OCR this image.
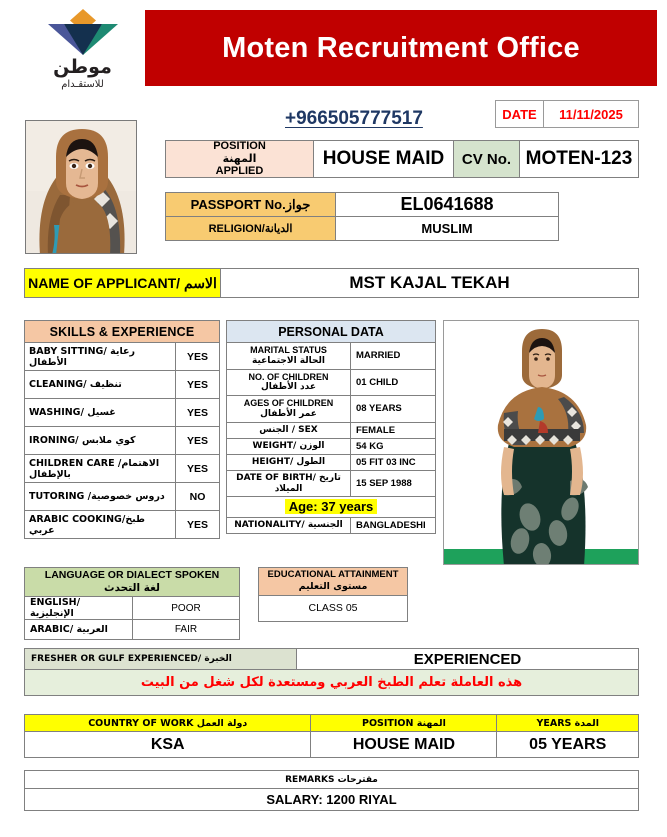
موطن
للاستقـدام
Moten Recruitment Office
+966505777517	DATE	11/11/2025
POSITION
المهنة
APPLIED
HOUSE MAID	CV No. MOTEN-123
PASSPORT No.جواز	EL0641688
RELIGION/الديانة	MUSLIM
NAME OF APPLICANT/ الاسم	MST KAJAL TEKAH
SKILLS & EXPERIENCE	
BABY SITTING/ رعاية الأطفال	YES
CLEANING/ تنظيف	YES
WASHING/ غسيل	YES
IRONING/ كوي ملابس	YES
CHILDREN CARE /الاهتمام بالإطفال	YES
TUTORING /دروس خصوصية	NO
ARABIC COOKING/طبخ عربي	YES
PERSONAL DATA	

MARITAL STATUS
الحالة الاجتماعية	MARRIED

NO. OF CHILDREN
عدد الأطفال	01 CHILD

AGES OF CHILDREN
عمر الأطفال	08 YEARS
الجنس / SEX	FEMALE
WEIGHT/ الوزن	54 KG
HEIGHT/ الطول	05 FIT 03 INC
DATE OF BIRTH/ تاريخ الميلاد	15 SEP 1988
Age: 37 years	
NATIONALITY/ الجنسية	BANGLADESHI
LANGUAGE OR DIALECT SPOKEN
لغة التحدث	

ENGLISH/ الإنجليزية	POOR
ARABIC/ العربية	FAIR
EDUCATIONAL ATTAINMENT
مستوى التعليم

CLASS 05
FRESHER OR GULF EXPERIENCED/ الخبرة	EXPERIENCED
هذه العاملة تعلم الطبخ العربي ومستعدة لكل شغل من البيت
COUNTRY OF WORK دولة العمل	POSITION المهنة	YEARS المدة
KSA	HOUSE MAID	05 YEARS
REMARKS مقترحات
SALARY: 1200 RIYAL
